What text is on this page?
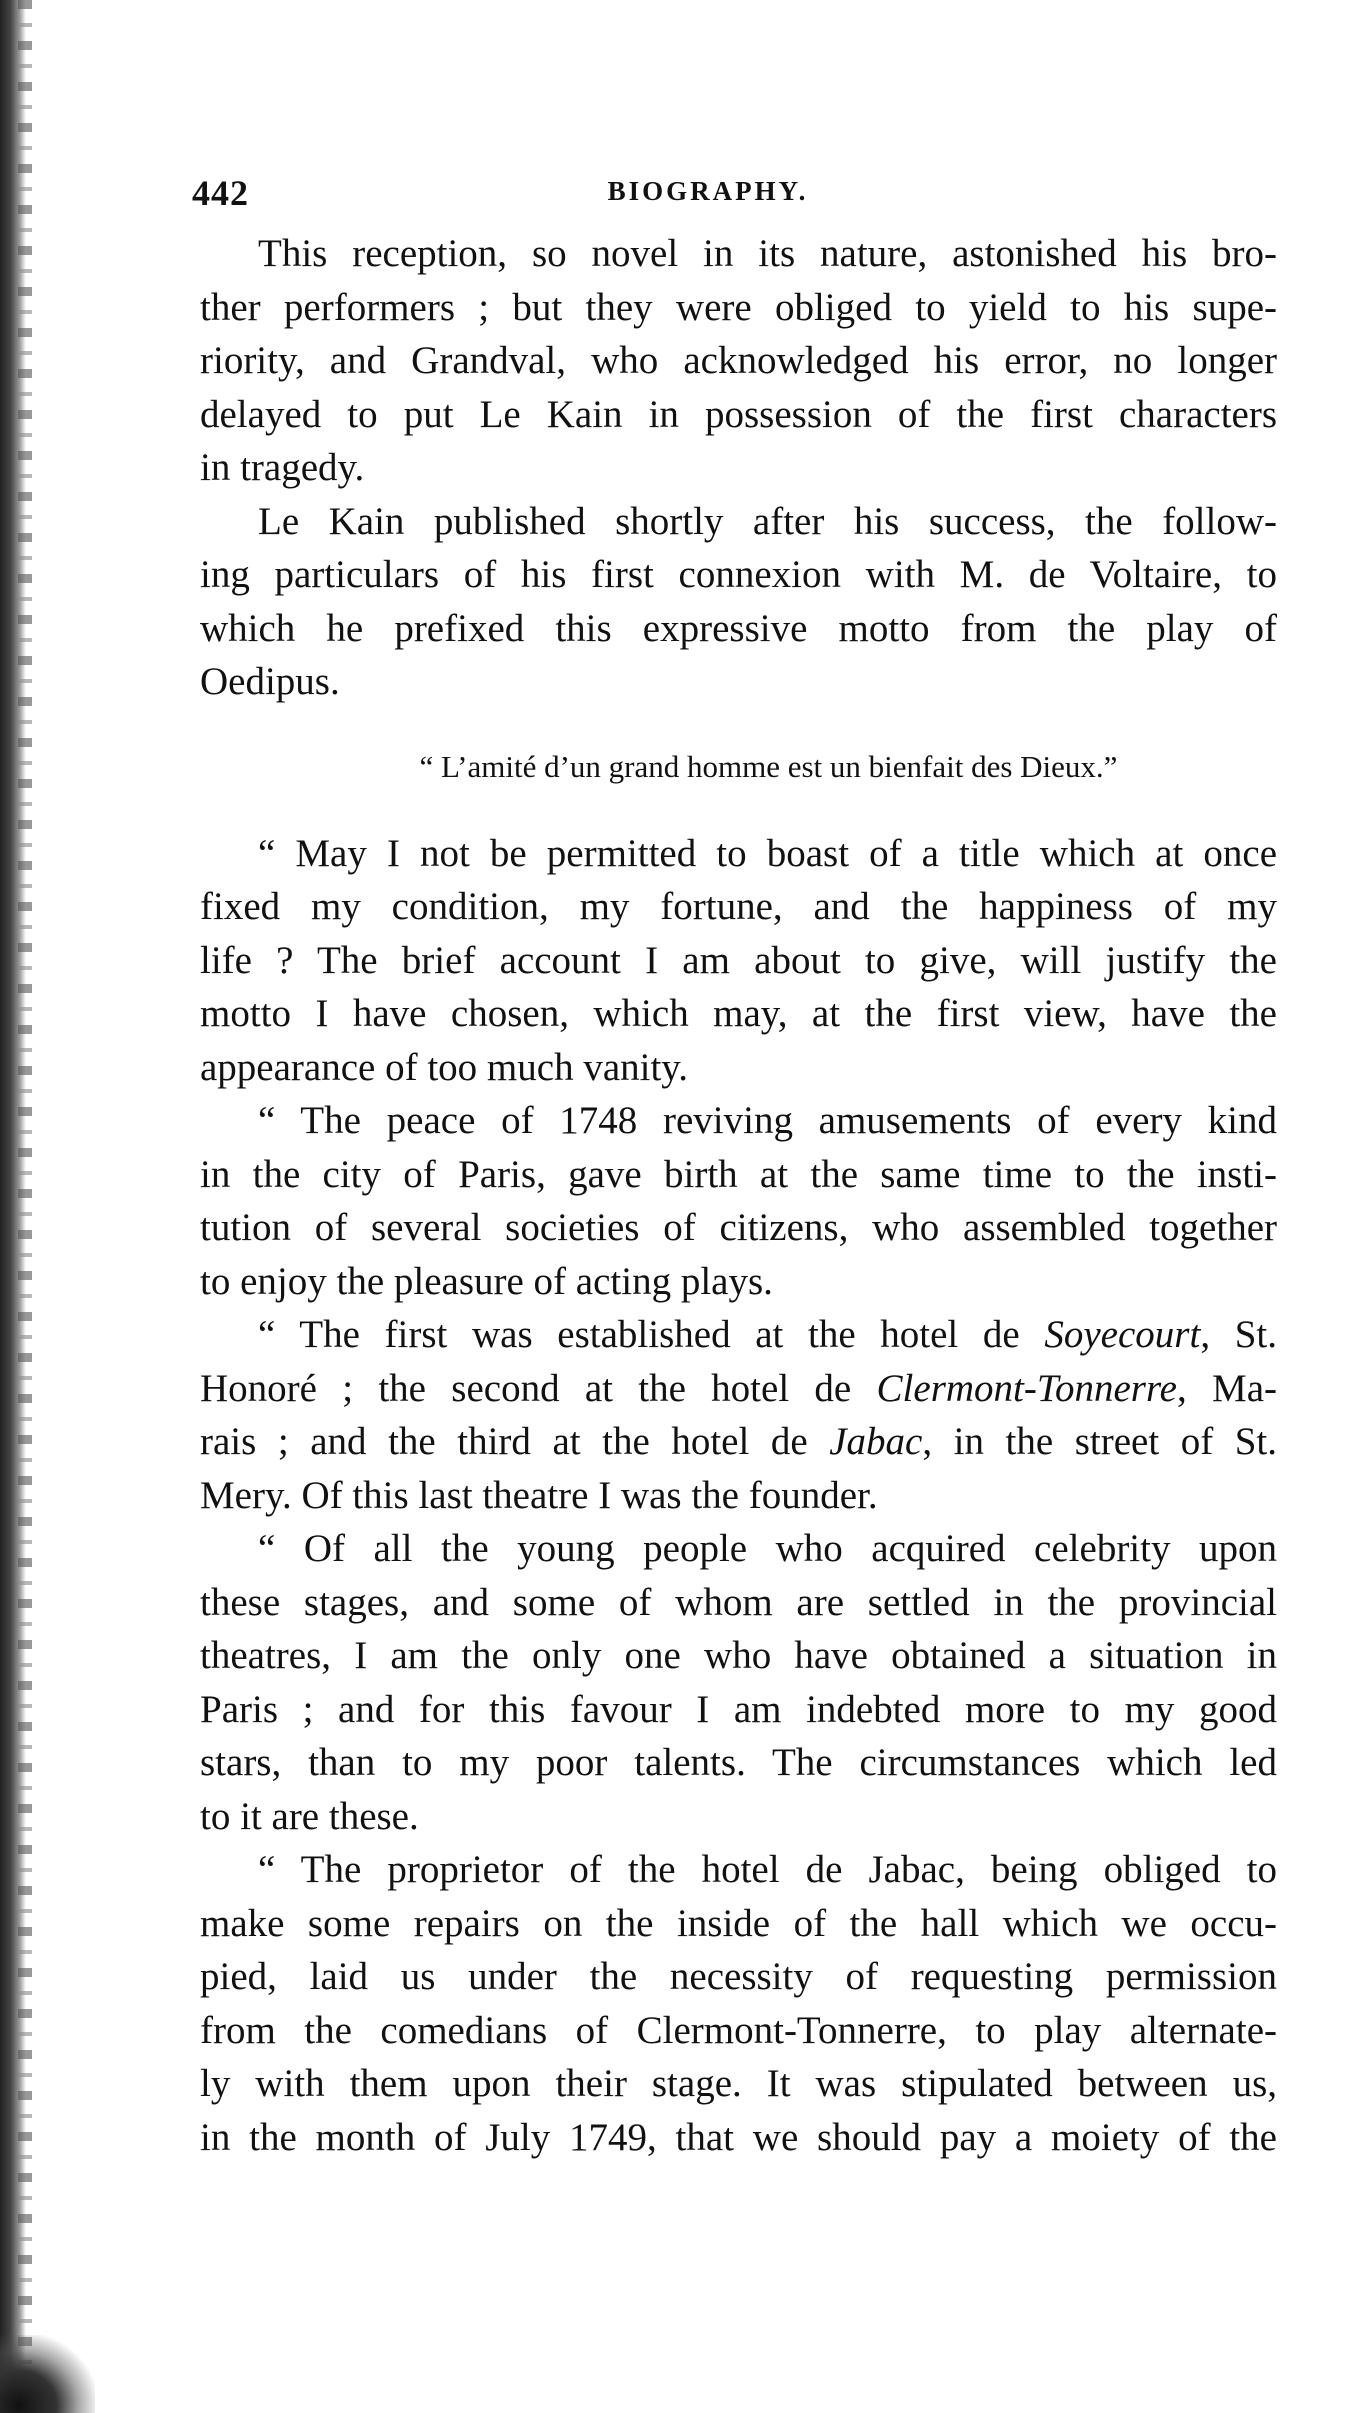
442	BIOGRAPHY.
This reception, so novel in its nature, astonished his bro-
ther performers ; but they were obliged to yield to his supe-
riority, and Grandval, who acknowledged his error, no longer
delayed to put Le Kain in possession of the first characters
in tragedy.
Le Kain published shortly after his success, the follow-
ing particulars of his first connexion with M. de Voltaire, to
which he prefixed this expressive motto from the play of
Oedipus.
“ L’amité d’un grand homme est un bienfait des Dieux.”
“ May I not be permitted to boast of a title which at once
fixed my condition, my fortune, and the happiness of my
life ? The brief account I am about to give, will justify the
motto I have chosen, which may, at the first view, have the
appearance of too much vanity.
“ The peace of 1748 reviving amusements of every kind
in the city of Paris, gave birth at the same time to the insti-
tution of several societies of citizens, who assembled together
to enjoy the pleasure of acting plays.
“ The first was established at the hotel de Soyecourt, St.
Honoré ; the second at the hotel de Clermont-Tonnerre, Ma-
rais ; and the third at the hotel de Jabac, in the street of St.
Mery. Of this last theatre I was the founder.
“ Of all the young people who acquired celebrity upon
these stages, and some of whom are settled in the provincial
theatres, I am the only one who have obtained a situation in
Paris ; and for this favour I am indebted more to my good
stars, than to my poor talents. The circumstances which led
to it are these.
“ The proprietor of the hotel de Jabac, being obliged to
make some repairs on the inside of the hall which we occu-
pied, laid us under the necessity of requesting permission
from the comedians of Clermont-Tonnerre, to play alternate-
ly with them upon their stage. It was stipulated between us,
in the month of July 1749, that we should pay a moiety of the
